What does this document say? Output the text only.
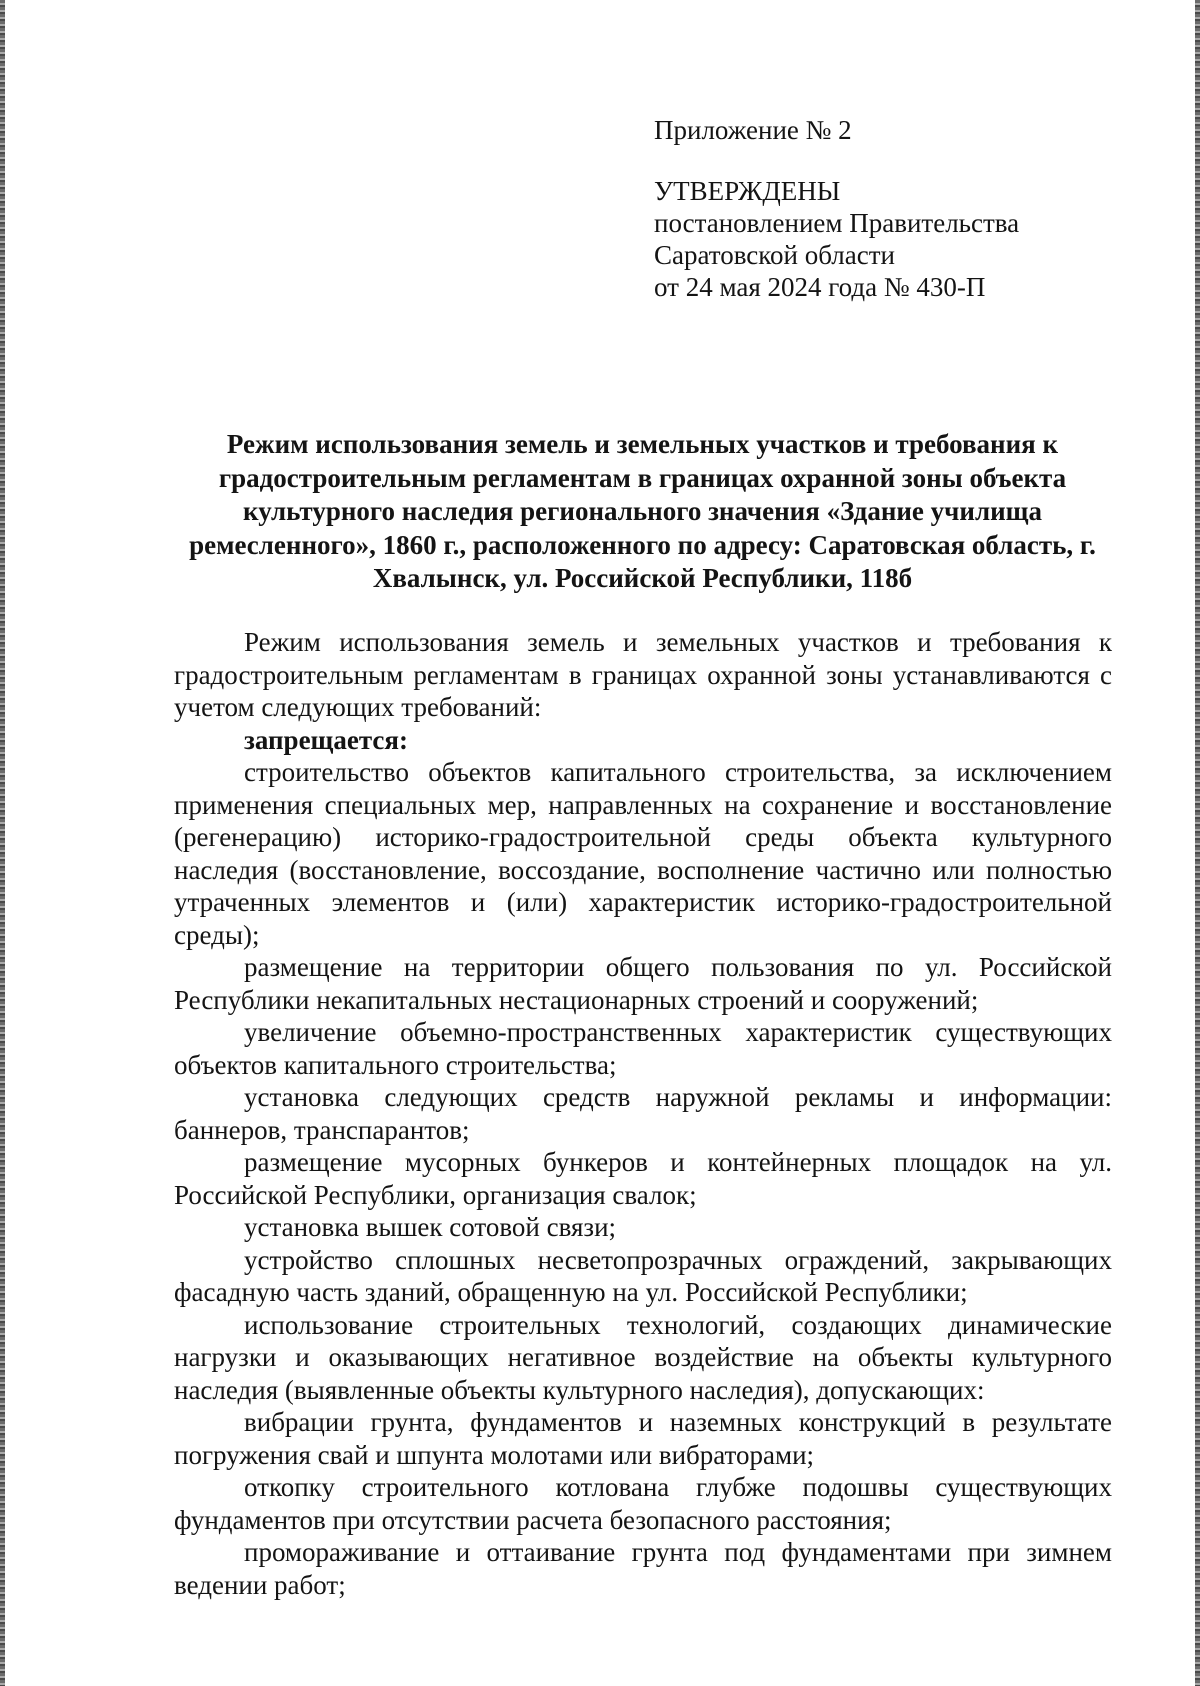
Приложение № 2
УТВЕРЖДЕНЫ
постановлением Правительства
Саратовской области
от 24 мая 2024 года № 430-П
Режим использования земель и земельных участков и требования к градостроительным регламентам в границах охранной зоны объекта культурного наследия регионального значения «Здание училища ремесленного», 1860 г., расположенного по адресу: Саратовская область, г. Хвалынск, ул. Российской Республики, 118б

Режим использования земель и земельных участков и требования к градостроительным регламентам в границах охранной зоны устанавливаются с учетом следующих требований:

запрещается:

строительство объектов капитального строительства, за исключением применения специальных мер, направленных на сохранение и восстановление (регенерацию) историко-градостроительной среды объекта культурного наследия (восстановление, воссоздание, восполнение частично или полностью утраченных элементов и (или) характеристик историко-градостроительной среды);

размещение на территории общего пользования по ул. Российской Республики некапитальных нестационарных строений и сооружений;

увеличение объемно-пространственных характеристик существующих объектов капитального строительства;

установка следующих средств наружной рекламы и информации: баннеров, транспарантов;

размещение мусорных бункеров и контейнерных площадок на ул. Российской Республики, организация свалок;

установка вышек сотовой связи;

устройство сплошных несветопрозрачных ограждений, закрывающих фасадную часть зданий, обращенную на ул. Российской Республики;

использование строительных технологий, создающих динамические нагрузки и оказывающих негативное воздействие на объекты культурного наследия (выявленные объекты культурного наследия), допускающих:

вибрации грунта, фундаментов и наземных конструкций в результате погружения свай и шпунта молотами или вибраторами;

откопку строительного котлована глубже подошвы существующих фундаментов при отсутствии расчета безопасного расстояния;

промораживание и оттаивание грунта под фундаментами при зимнем ведении работ;
